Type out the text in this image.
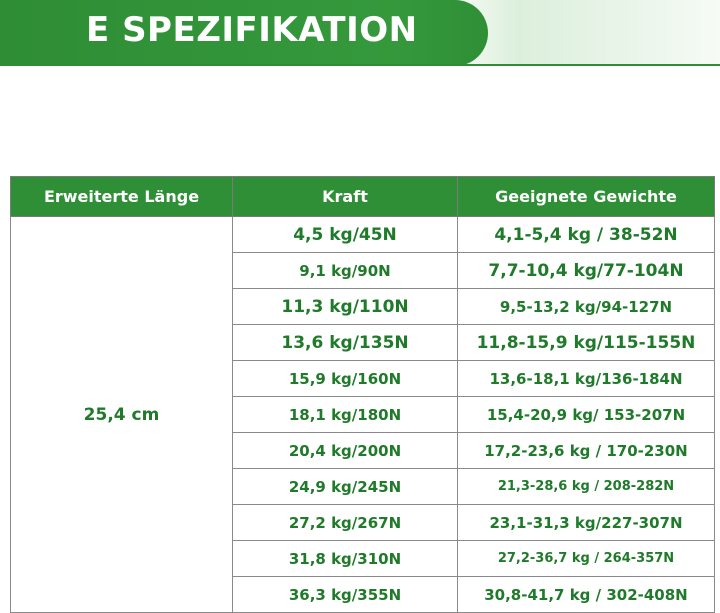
E SPEZIFIKATION
Erweiterte Länge	Kraft	Geeignete Gewichte
25,4 cm	4,5 kg/45N	4,1-5,4 kg / 38-52N
	9,1 kg/90N	7,7-10,4 kg/77-104N
	11,3 kg/110N	9,5-13,2 kg/94-127N
	13,6 kg/135N	11,8-15,9 kg/115-155N
	15,9 kg/160N	13,6-18,1 kg/136-184N
	18,1 kg/180N	15,4-20,9 kg/ 153-207N
	20,4 kg/200N	17,2-23,6 kg / 170-230N
	24,9 kg/245N	21,3-28,6 kg / 208-282N
	27,2 kg/267N	23,1-31,3 kg/227-307N
	31,8 kg/310N	27,2-36,7 kg / 264-357N
	36,3 kg/355N	30,8-41,7 kg / 302-408N
